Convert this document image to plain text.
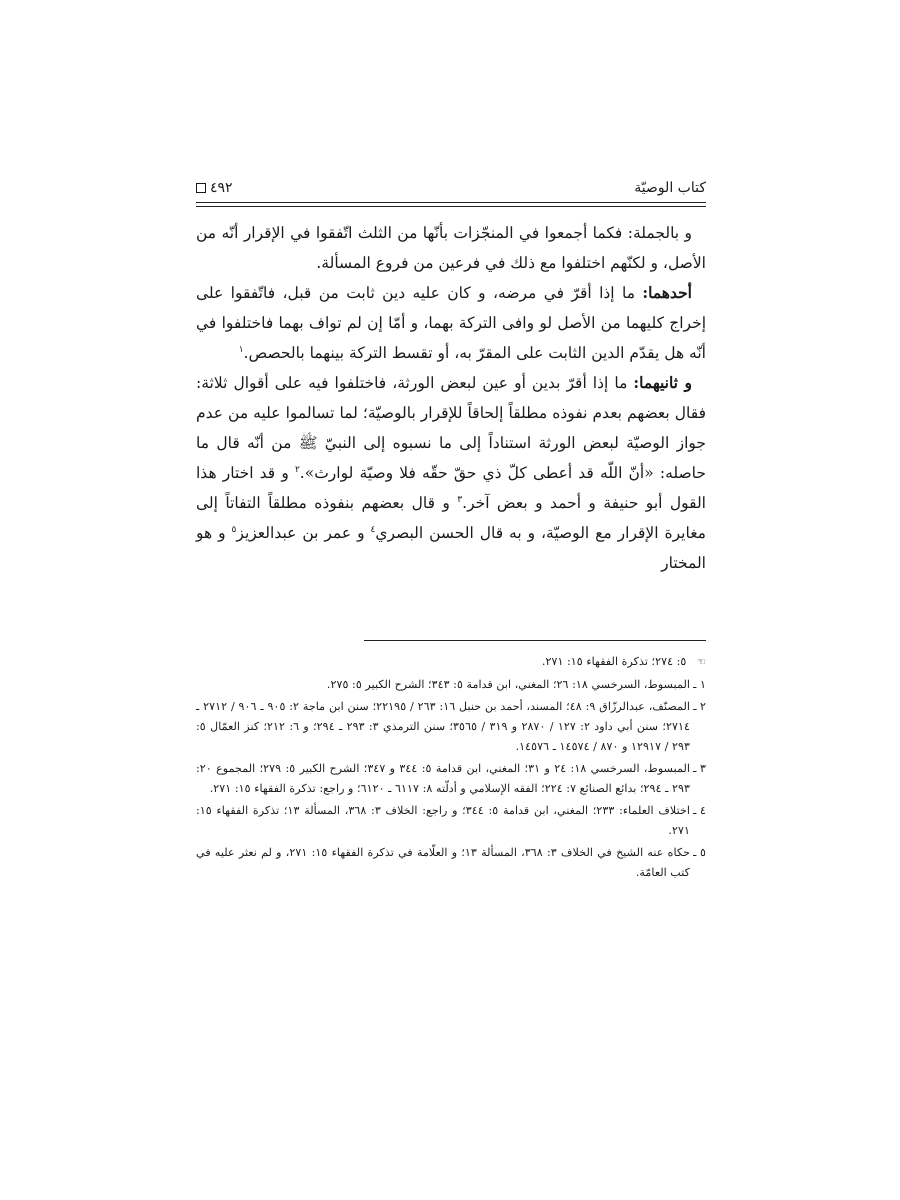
٤٩٢	كتاب الوصيّة

و بالجملة: فكما أجمعوا في المنجّزات بأنّها من الثلث اتّفقوا في الإقرار أنّه من الأصل، و لكنّهم اختلفوا مع ذلك في فرعين من فروع المسألة.

أحدهما: ما إذا أقرّ في مرضه، و كان عليه دين ثابت من قبل، فاتّفقوا على إخراج كليهما من الأصل لو وافى التركة بهما، و أمّا إن لم تواف بهما فاختلفوا في أنّه هل يقدّم الدين الثابت على المقرّ به، أو تقسط التركة بينهما بالحصص.$^١$

و ثانيهما: ما إذا أقرّ بدين أو عين لبعض الورثة، فاختلفوا فيه على أقوال ثلاثة: فقال بعضهم بعدم نفوذه مطلقاً إلحاقاً للإقرار بالوصيّة؛ لما تسالموا عليه من عدم جواز الوصيّة لبعض الورثة استناداً إلى ما نسبوه إلى النبيّ ﷺ من أنّه قال ما حاصله: «أنّ اللّه قد أعطى كلّ ذي حقّ حقّه فلا وصيّة لوارث».$^٢$ و قد اختار هذا القول أبو حنيفة و أحمد و بعض آخر.$^٣$ و قال بعضهم بنفوذه مطلقاً التفاتاً إلى مغايرة الإقرار مع الوصيّة، و به قال الحسن البصري$^٤$ و عمر بن عبدالعزيز$^٥$ و هو المختار

☜ ٥: ٢٧٤؛ تذكرة الفقهاء ١٥: ٢٧١.

١ ـالمبسوط، السرخسي ١٨: ٢٦؛ المغني، ابن قدامة ٥: ٣٤٣؛ الشرح الكبير ٥: ٢٧٥.

٢ ـالمصنّف، عبدالرزّاق ٩: ٤٨؛ المسند، أحمد بن حنبل ١٦: ٢٦٣ / ٢٢١٩٥؛ سنن ابن ماجة ٢: ٩٠٥ ـ ٩٠٦ / ٢٧١٢ ـ ٢٧١٤؛ سنن أبي داود ٢: ١٢٧ / ٢٨٧٠ و ٣١٩ / ٣٥٦٥؛ سنن الترمذي ٣: ٢٩٣ ـ ٢٩٤؛ و ٦: ٢١٢؛ كنز العمّال ٥: ٢٩٣ / ١٢٩١٧ و ٨٧٠ / ١٤٥٧٤ ـ ١٤٥٧٦.

٣ ـالمبسوط، السرخسي ١٨: ٢٤ و ٣١؛ المغني، ابن قدامة ٥: ٣٤٤ و ٣٤٧؛ الشرح الكبير ٥: ٢٧٩؛ المجموع ٢٠: ٢٩٣ ـ ٢٩٤؛ بدائع الصنائع ٧: ٢٢٤؛ الفقه الإسلامي و أدلّته ٨: ٦١١٧ ـ ٦١٢٠؛ و راجع: تذكرة الفقهاء ١٥: ٢٧١.

٤ ـاختلاف العلماء: ٢٣٣؛ المغني، ابن قدامة ٥: ٣٤٤؛ و راجع: الخلاف ٣: ٣٦٨، المسألة ١٣؛ تذكرة الفقهاء ١٥: ٢٧١.

٥ ـحكاه عنه الشيخ في الخلاف ٣: ٣٦٨، المسألة ١٣؛ و العلّامة في تذكرة الفقهاء ١٥: ٢٧١، و لم نعثر عليه في كتب العامّة.
